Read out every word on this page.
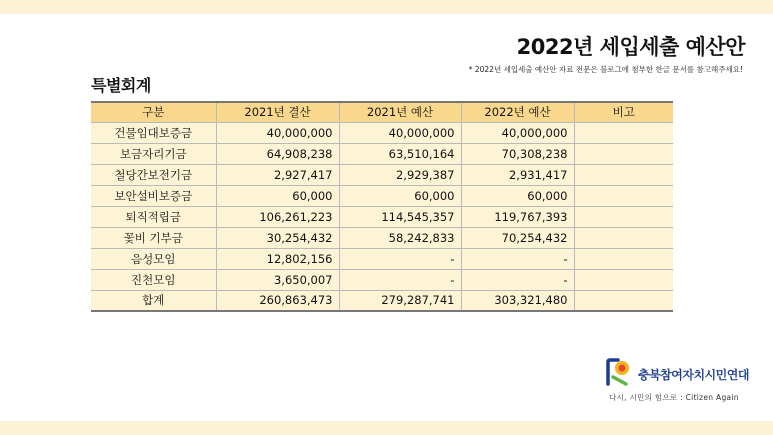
2022년 세입세출 예산안
* 2022년 세입세출 예산안 자료 전문은 블로그에 첨부한 한글 문서를 참고해주세요!
특별회계
구분	2021년 결산	2021년 예산	2022년 예산	비고
건물임대보증금	40,000,000	40,000,000	40,000,000	
보금자리기금	64,908,238	63,510,164	70,308,238	
철당간보전기금	2,927,417	2,929,387	2,931,417	
보안설비보증금	60,000	60,000	60,000	
퇴직적립금	106,261,223	114,545,357	119,767,393	
꽃비 기부금	30,254,432	58,242,833	70,254,432	
음성모임	12,802,156	-	-	
진천모임	3,650,007	-	-	
합계	260,863,473	279,287,741	303,321,480	
충북참여자치시민연대
다시, 시민의 힘으로 : Citizen Again
